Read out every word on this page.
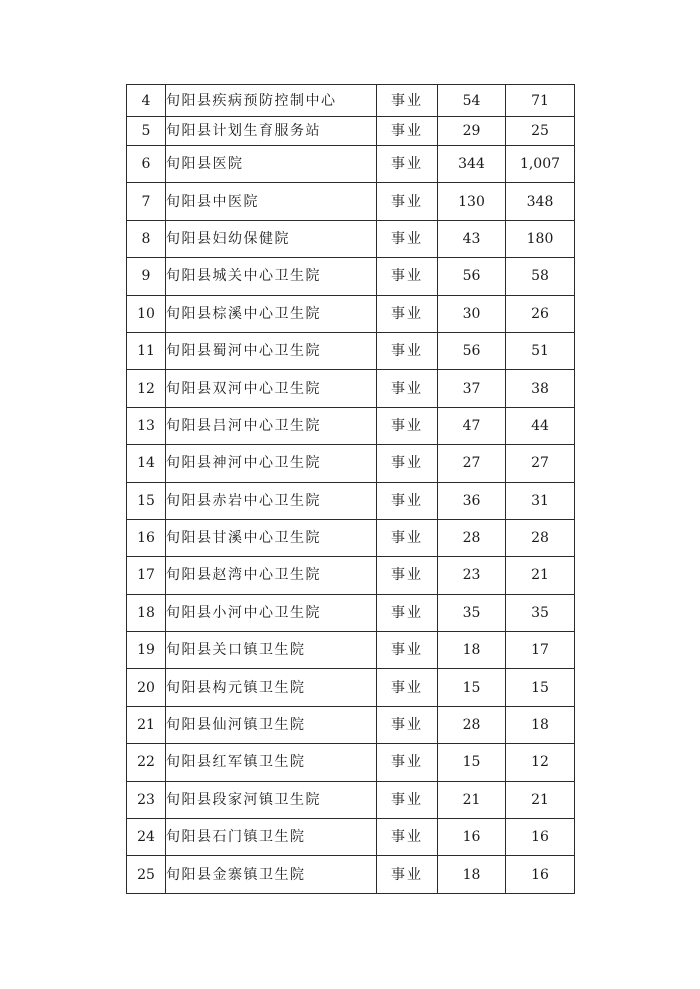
4	旬阳县疾病预防控制中心	事业	54	71
5	旬阳县计划生育服务站	事业	29	25
6	旬阳县医院	事业	344	1,007
7	旬阳县中医院	事业	130	348
8	旬阳县妇幼保健院	事业	43	180
9	旬阳县城关中心卫生院	事业	56	58
10	旬阳县棕溪中心卫生院	事业	30	26
11	旬阳县蜀河中心卫生院	事业	56	51
12	旬阳县双河中心卫生院	事业	37	38
13	旬阳县吕河中心卫生院	事业	47	44
14	旬阳县神河中心卫生院	事业	27	27
15	旬阳县赤岩中心卫生院	事业	36	31
16	旬阳县甘溪中心卫生院	事业	28	28
17	旬阳县赵湾中心卫生院	事业	23	21
18	旬阳县小河中心卫生院	事业	35	35
19	旬阳县关口镇卫生院	事业	18	17
20	旬阳县构元镇卫生院	事业	15	15
21	旬阳县仙河镇卫生院	事业	28	18
22	旬阳县红军镇卫生院	事业	15	12
23	旬阳县段家河镇卫生院	事业	21	21
24	旬阳县石门镇卫生院	事业	16	16
25	旬阳县金寨镇卫生院	事业	18	16
